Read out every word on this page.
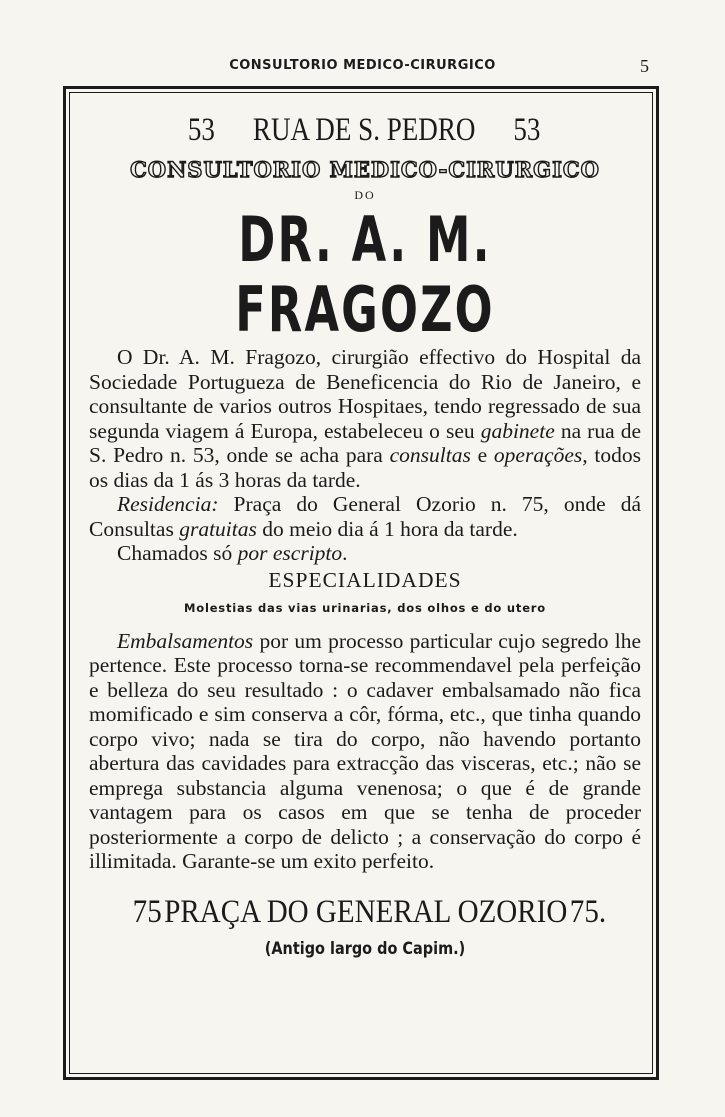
CONSULTORIO MEDICO-CIRURGICO	5
53 RUA DE S. PEDRO 53
CONSULTORIO MEDICO-CIRURGICO
DO
DR. A. M. FRAGOZO

O Dr. A. M. Fragozo, cirurgião effectivo do Hospital da Sociedade Portugueza de Beneficencia do Rio de Janeiro, e consultante de varios outros Hospitaes, tendo regressado de sua segunda viagem á Europa, estabeleceu o seu gabinete na rua de S. Pedro n. 53, onde se acha para consultas e operações, todos os dias da 1 ás 3 horas da tarde.

Residencia: Praça do General Ozorio n. 75, onde dá Consultas gratuitas do meio dia á 1 hora da tarde.

Chamados só por escripto.

ESPECIALIDADES
Molestias das vias urinarias, dos olhos e do utero

Embalsamentos por um processo particular cujo segredo lhe pertence. Este processo torna-se recommendavel pela perfeição e belleza do seu resultado : o cadaver embalsamado não fica momificado e sim conserva a côr, fórma, etc., que tinha quando corpo vivo; nada se tira do corpo, não havendo portanto abertura das cavidades para extracção das visceras, etc.; não se emprega substancia alguma venenosa; o que é de grande vantagem para os casos em que se tenha de proceder posteriormente a corpo de delicto ; a conservação do corpo é illimitada. Garante-se um exito perfeito.

75 PRAÇA DO GENERAL OZORIO 75.
(Antigo largo do Capim.)
